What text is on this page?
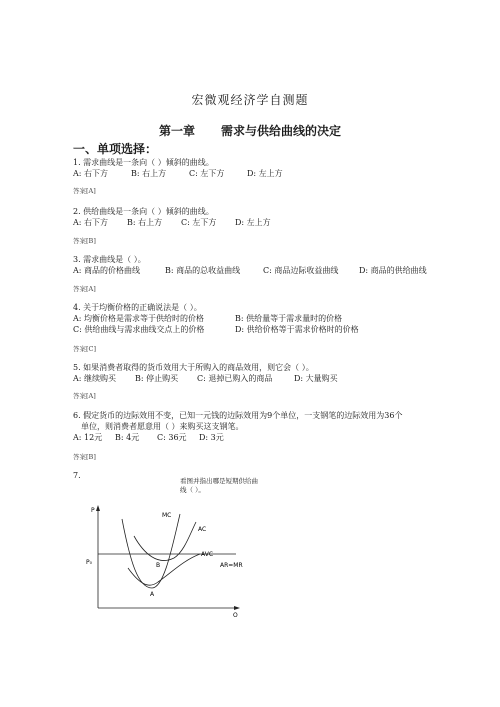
宏微观经济学自测题
第一章 需求与供给曲线的决定
一、单项选择：
1. 需求曲线是一条向（ ）倾斜的曲线。
A: 右下方	B: 右上方	C: 左下方	D: 左上方
答案[A]
2. 供给曲线是一条向（ ）倾斜的曲线。
A: 右下方 B: 右上方 C: 左下方 D: 左上方
答案[B]
3. 需求曲线是（ ）。
A: 商品的价格曲线	B: 商品的总收益曲线	C: 商品边际收益曲线	D: 商品的供给曲线
答案[A]
4. 关于均衡价格的正确说法是（ ）。
A: 均衡价格是需求等于供给时的价格	B: 供给量等于需求量时的价格
C: 供给曲线与需求曲线交点上的价格	D: 供给价格等于需求价格时的价格
答案[C]
5. 如果消费者取得的货币效用大于所购入的商品效用，则它会（ ）。
A: 继续购买 B: 停止购买 C: 退掉已购入的商品	D: 大量购买
答案[A]
6. 假定货币的边际效用不变，已知一元钱的边际效用为9个单位，一支钢笔的边际效用为36个
单位，则消费者愿意用（ ）来购买这支钢笔。
A: 12元 B: 4元 C: 36元 D: 3元
答案[B]
7.
看图并指出哪是短期供给曲线（ ）。
P
P₀
O
MC
AC
AVC
AR=MR
B
A
